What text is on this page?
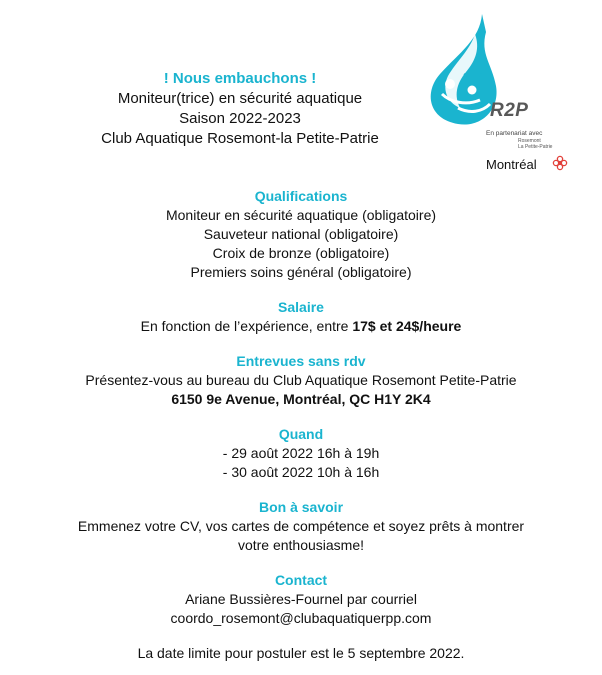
! Nous embauchons !
Moniteur(trice) en sécurité aquatique
Saison 2022-2023
Club Aquatique Rosemont-la Petite-Patrie
R2P
En partenariat avec
Rosemont
La Petite-Patrie
Montréal
Qualifications
Moniteur en sécurité aquatique (obligatoire)
Sauveteur national (obligatoire)
Croix de bronze (obligatoire)
Premiers soins général (obligatoire)
Salaire
En fonction de l’expérience, entre 17$ et 24$/heure
Entrevues sans rdv
Présentez-vous au bureau du Club Aquatique Rosemont Petite-Patrie
6150 9e Avenue, Montréal, QC H1Y 2K4
Quand
- 29 août 2022 16h à 19h
- 30 août 2022 10h à 16h
Bon à savoir
Emmenez votre CV, vos cartes de compétence et soyez prêts à montrer
votre enthousiasme!
Contact
Ariane Bussières-Fournel par courriel
coordo_rosemont@clubaquatiquerpp.com
La date limite pour postuler est le 5 septembre 2022.
